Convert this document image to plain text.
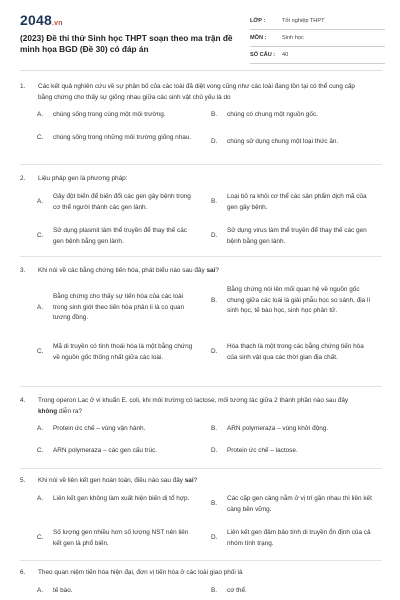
2048.vn
(2023) Đề thi thử Sinh học THPT soạn theo ma trận đề minh họa BGD (Đề 30) có đáp án
LỚP :	Tốt nghiệp THPT
MÔN :	Sinh học
SỐ CÂU :	40
1.	Các kết quả nghiên cứu về sự phân bố của các loài đã diệt vong cũng như các loài đang tồn tại có thể cung cấp bằng chứng cho thấy sự giống nhau giữa các sinh vật chủ yếu là do
A.	chúng sống trong cùng một môi trường.	B.	chúng có chung một nguồn gốc.
C.	chúng sống trong những môi trường giống nhau.
D.	chúng sử dụng chung một loại thức ăn.
2.	Liệu pháp gen là phương pháp:
A.
Gây đột biến để biến đổi các gen gây bệnh trong cơ thể người thành các gen lành.
B.
Loại bỏ ra khỏi cơ thể các sản phẩm dịch mã của gen gây bệnh.
C.
Sử dụng plasmit làm thể truyền để thay thế các gen bệnh bằng gen lành.
D.
Sử dụng virus làm thể truyền để thay thế các gen bệnh bằng gen lành.
3.	Khi nói về các bằng chứng tiến hóa, phát biểu nào sau đây sai?
A.
Bằng chứng cho thấy sự tiến hóa của các loài trong sinh giới theo tiến hóa phân li là co quan tương đồng.
B.
Bằng chứng nói lên mối quan hệ về nguồn gốc chung giữa các loài là giải phẫu học so sánh, địa lí sinh học, tế bào học, sinh học phân tử.
C.
Mã di truyền có tính thoái hóa là một bằng chứng về nguồn gốc thống nhất giữa các loài.
D.
Hóa thạch là một trong các bằng chứng tiến hóa của sinh vật qua các thời gian địa chất.
4.	Trong operon Lac ở vi khuẩn E. coli, khi môi trường có lactose, mối tương tác giữa 2 thành phần nào sau đây không diễn ra?
A.	Protein ức chế – vùng vận hành.	B.	ARN polymeraza – vùng khởi động.
C.	ARN polymeraza – các gen cấu trúc.	D.	Protein ức chế – lactose.
5.	Khi nói về liên kết gen hoàn toàn, điều nào sau đây sai?
A.	Liên kết gen không làm xuất hiện biến dị tổ hợp.
B.
Các cặp gen càng nằm ở vị trí gần nhau thì liên kết càng bền vững.
C.
Số lượng gen nhiều hơn số lượng NST nên liên kết gen là phổ biến.
D.
Liên kết gen đảm bảo tính di truyền ổn định của cả nhóm tính trạng.
6.	Theo quan niệm tiến hóa hiện đại, đơn vị tiến hóa ở các loài giao phối là
A.	tế bào.	B.	cơ thể.
